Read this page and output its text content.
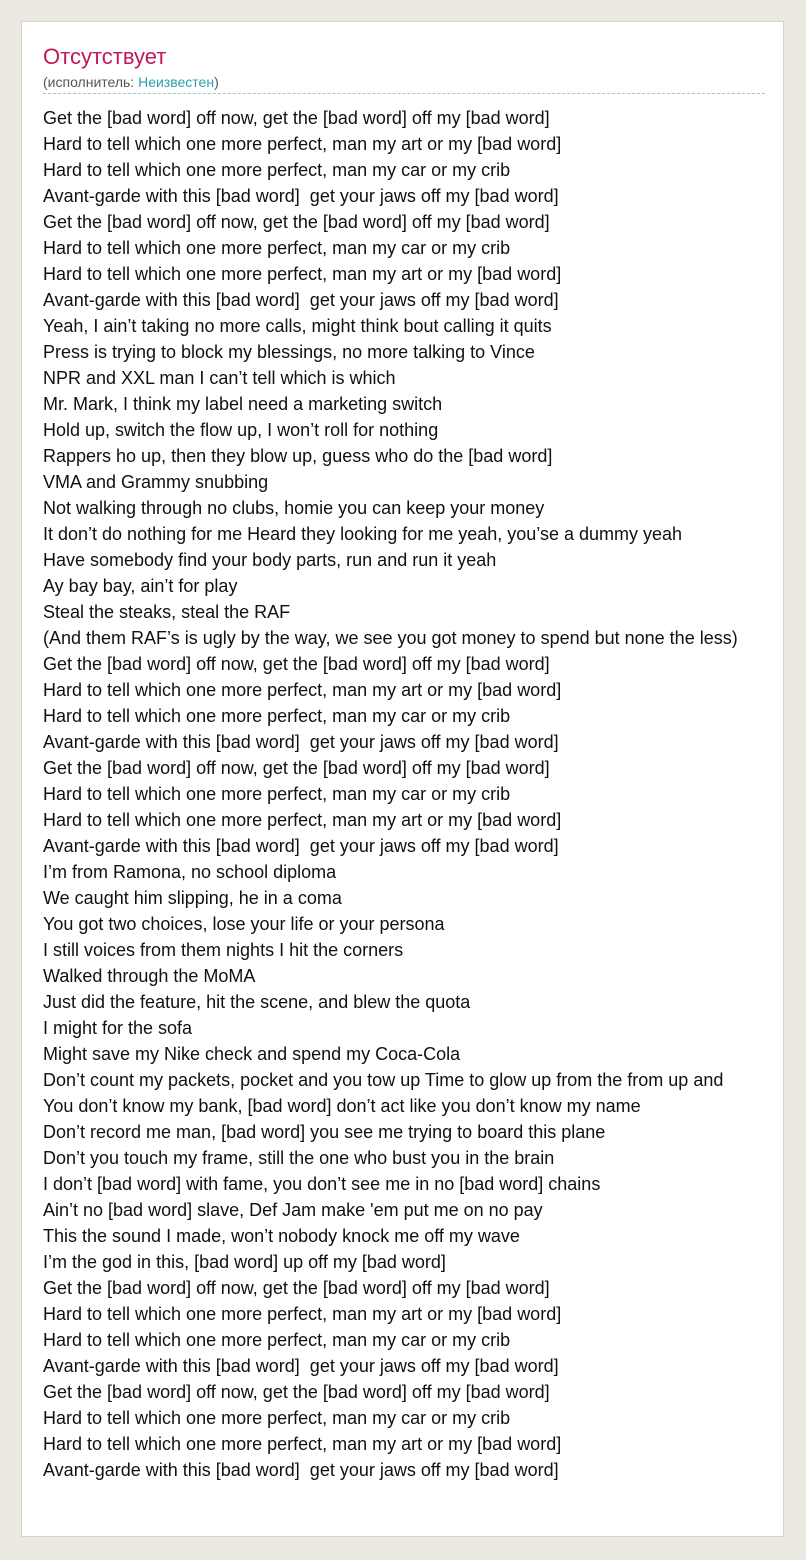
Отсутствует
(исполнитель: Неизвестен)
Get the [bad word] off now, get the [bad word] off my [bad word]
Hard to tell which one more perfect, man my art or my [bad word]
Hard to tell which one more perfect, man my car or my crib
Avant-garde with this [bad word]  get your jaws off my [bad word]
Get the [bad word] off now, get the [bad word] off my [bad word]
Hard to tell which one more perfect, man my car or my crib
Hard to tell which one more perfect, man my art or my [bad word]
Avant-garde with this [bad word]  get your jaws off my [bad word]
Yeah, I ain’t taking no more calls, might think bout calling it quits
Press is trying to block my blessings, no more talking to Vince
NPR and XXL man I can’t tell which is which
Mr. Mark, I think my label need a marketing switch
Hold up, switch the flow up, I won’t roll for nothing
Rappers ho up, then they blow up, guess who do the [bad word]
VMA and Grammy snubbing
Not walking through no clubs, homie you can keep your money
It don’t do nothing for me Heard they looking for me yeah, you’se a dummy yeah
Have somebody find your body parts, run and run it yeah
Ay bay bay, ain’t for play
Steal the steaks, steal the RAF
(And them RAF’s is ugly by the way, we see you got money to spend but none the less)
Get the [bad word] off now, get the [bad word] off my [bad word]
Hard to tell which one more perfect, man my art or my [bad word]
Hard to tell which one more perfect, man my car or my crib
Avant-garde with this [bad word]  get your jaws off my [bad word]
Get the [bad word] off now, get the [bad word] off my [bad word]
Hard to tell which one more perfect, man my car or my crib
Hard to tell which one more perfect, man my art or my [bad word]
Avant-garde with this [bad word]  get your jaws off my [bad word]
I’m from Ramona, no school diploma
We caught him slipping, he in a coma
You got two choices, lose your life or your persona
I still voices from them nights I hit the corners
Walked through the MoMA
Just did the feature, hit the scene, and blew the quota
I might for the sofa
Might save my Nike check and spend my Coca-Cola
Don’t count my packets, pocket and you tow up Time to glow up from the from up and
You don’t know my bank, [bad word] don’t act like you don’t know my name
Don’t record me man, [bad word] you see me trying to board this plane
Don’t you touch my frame, still the one who bust you in the brain
I don’t [bad word] with fame, you don’t see me in no [bad word] chains
Ain’t no [bad word] slave, Def Jam make 'em put me on no pay
This the sound I made, won’t nobody knock me off my wave
I’m the god in this, [bad word] up off my [bad word]
Get the [bad word] off now, get the [bad word] off my [bad word]
Hard to tell which one more perfect, man my art or my [bad word]
Hard to tell which one more perfect, man my car or my crib
Avant-garde with this [bad word]  get your jaws off my [bad word]
Get the [bad word] off now, get the [bad word] off my [bad word]
Hard to tell which one more perfect, man my car or my crib
Hard to tell which one more perfect, man my art or my [bad word]
Avant-garde with this [bad word]  get your jaws off my [bad word]
